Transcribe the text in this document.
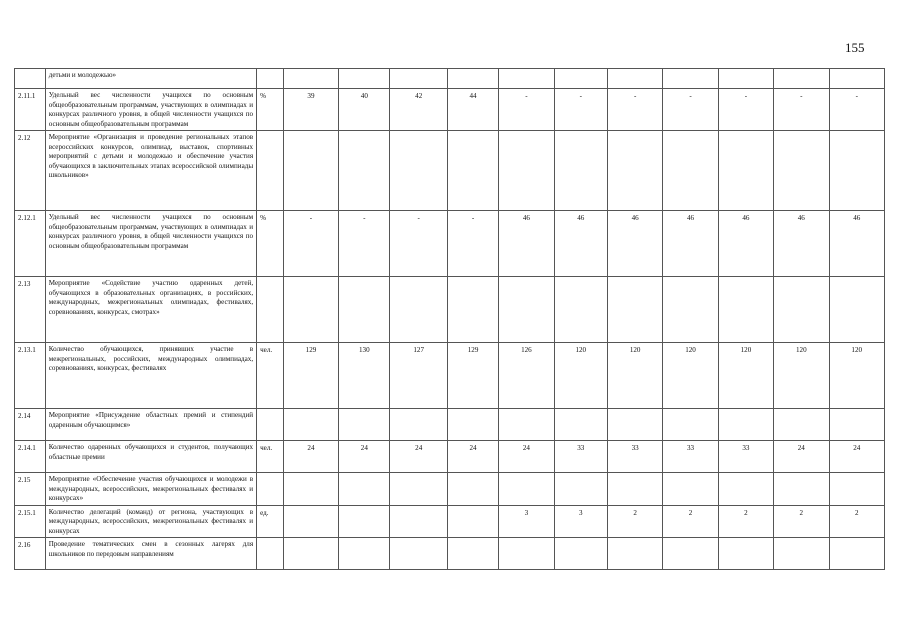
155
	детьми и молодежью»												
2.11.1	Удельный вес численности учащихся по основным общеобразовательным программам, участвующих в олимпиадах и конкурсах различного уровня, в общей численности учащихся по основным общеобразовательным программам	%	39	40	42	44	-	-	-	-	-	-	-
2.12	Мероприятие «Организация и проведение региональных этапов всероссийских конкурсов, олимпиад, выставок, спортивных мероприятий с детьми и молодежью и обеспечение участия обучающихся в заключительных этапах всероссийской олимпиады школьников»												
2.12.1	Удельный вес численности учащихся по основным общеобразовательным программам, участвующих в олимпиадах и конкурсах различного уровня, в общей численности учащихся по основным общеобразовательным программам	%	-	-	-	-	46	46	46	46	46	46	46
2.13	Мероприятие «Содействие участию одаренных детей, обучающихся в образовательных организациях, в российских, международных, межрегиональных олимпиадах, фестивалях, соревнованиях, конкурсах, смотрах»												
2.13.1	Количество обучающихся, принявших участие в межрегиональных, российских, международных олимпиадах, соревнованиях, конкурсах, фестивалях	чел.	129	130	127	129	126	120	120	120	120	120	120
2.14	Мероприятие «Присуждение областных премий и стипендий одаренным обучающимся»												
2.14.1	Количество одаренных обучающихся и студентов, получающих областные премии	чел.	24	24	24	24	24	33	33	33	33	24	24
2.15	Мероприятие «Обеспечение участия обучающихся и молодежи в международных, всероссийских, межрегиональных фестивалях и конкурсах»												
2.15.1	Количество делегаций (команд) от региона, участвующих в международных, всероссийских, межрегиональных фестивалях и конкурсах	ед.					3	3	2	2	2	2	2
2.16	Проведение тематических смен в сезонных лагерях для школьников по передовым направлениям												
